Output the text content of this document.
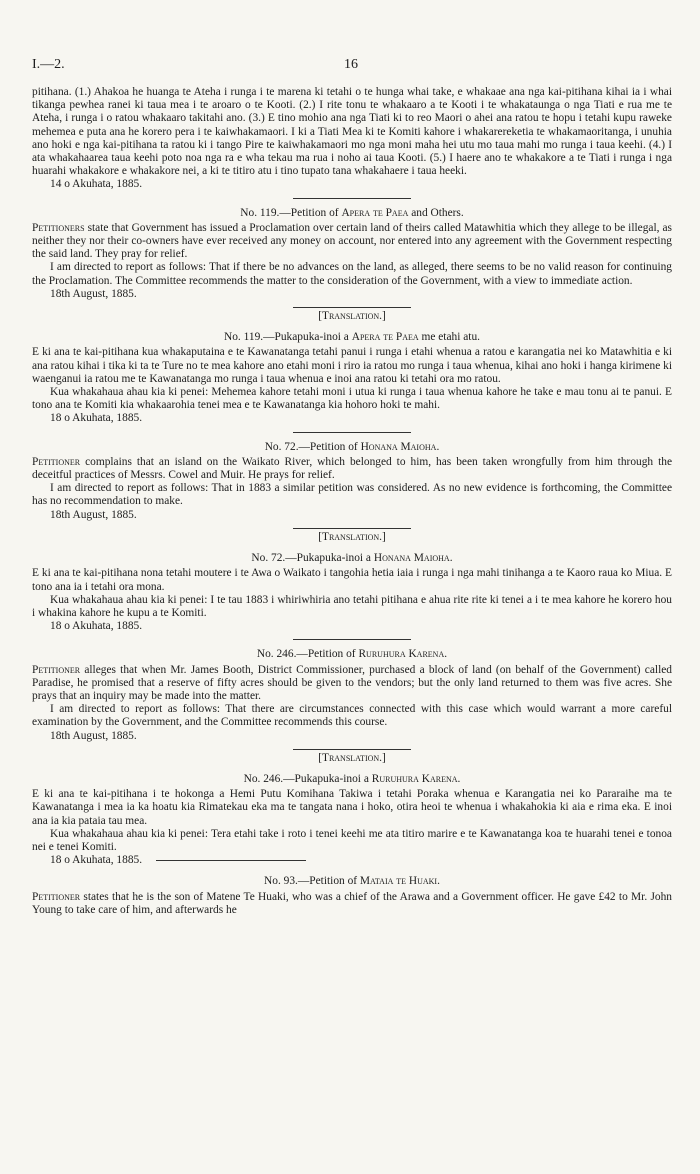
I.—2.	16

pitihana. (1.) Ahakoa he huanga te Ateha i runga i te marena ki tetahi o te hunga whai take, e whakaae ana nga kai-pitihana kihai ia i whai tikanga pewhea ranei ki taua mea i te aroaro o te Kooti. (2.) I rite tonu te whakaaro a te Kooti i te whakataunga o nga Tiati e rua me te Ateha, i runga i o ratou whakaaro takitahi ano. (3.) E tino mohio ana nga Tiati ki to reo Maori o ahei ana ratou te hopu i tetahi kupu raweke mehemea e puta ana he korero pera i te kaiwhakamaori. I ki a Tiati Mea ki te Komiti kahore i whakarereketia te whakamaoritanga, i unuhia ano hoki e nga kai-pitihana ta ratou ki i tango Pire te kaiwhakamaori mo nga moni maha hei utu mo taua mahi mo runga i taua keehi. (4.) I ata whakahaarea taua keehi poto noa nga ra e wha tekau ma rua i noho ai taua Kooti. (5.) I haere ano te whakakore a te Tiati i runga i nga huarahi whakakore e whakakore nei, a ki te titiro atu i tino tupato tana whakahaere i taua heeki.

14 o Akuhata, 1885.

No. 119.—Petition of Apera te Paea and Others.

Petitioners state that Government has issued a Proclamation over certain land of theirs called Matawhitia which they allege to be illegal, as neither they nor their co-owners have ever received any money on account, nor entered into any agreement with the Government respecting the said land. They pray for relief.

I am directed to report as follows: That if there be no advances on the land, as alleged, there seems to be no valid reason for continuing the Proclamation. The Committee recommends the matter to the consideration of the Government, with a view to immediate action.

18th August, 1885.

[Translation.]

No. 119.—Pukapuka-inoi a Apera te Paea me etahi atu.

E ki ana te kai-pitihana kua whakaputaina e te Kawanatanga tetahi panui i runga i etahi whenua a ratou e karangatia nei ko Matawhitia e ki ana ratou kihai i tika ki ta te Ture no te mea kahore ano etahi moni i riro ia ratou mo runga i taua whenua, kihai ano hoki i hanga kirimene ki waenganui ia ratou me te Kawanatanga mo runga i taua whenua e inoi ana ratou ki tetahi ora mo ratou.

Kua whakahaua ahau kia ki penei: Mehemea kahore tetahi moni i utua ki runga i taua whenua kahore he take e mau tonu ai te panui. E tono ana te Komiti kia whakaarohia tenei mea e te Kawanatanga kia hohoro hoki te mahi.

18 o Akuhata, 1885.

No. 72.—Petition of Honana Maioha.

Petitioner complains that an island on the Waikato River, which belonged to him, has been taken wrongfully from him through the deceitful practices of Messrs. Cowel and Muir. He prays for relief.

I am directed to report as follows: That in 1883 a similar petition was considered. As no new evidence is forthcoming, the Committee has no recommendation to make.

18th August, 1885.

[Translation.]

No. 72.—Pukapuka-inoi a Honana Maioha.

E ki ana te kai-pitihana nona tetahi moutere i te Awa o Waikato i tangohia hetia iaia i runga i nga mahi tinihanga a te Kaoro raua ko Miua. E tono ana ia i tetahi ora mona.

Kua whakahaua ahau kia ki penei: I te tau 1883 i whiriwhiria ano tetahi pitihana e ahua rite rite ki tenei a i te mea kahore he korero hou i whakina kahore he kupu a te Komiti.

18 o Akuhata, 1885.

No. 246.—Petition of Ruruhura Karena.

Petitioner alleges that when Mr. James Booth, District Commissioner, purchased a block of land (on behalf of the Government) called Paradise, he promised that a reserve of fifty acres should be given to the vendors; but the only land returned to them was five acres. She prays that an inquiry may be made into the matter.

I am directed to report as follows: That there are circumstances connected with this case which would warrant a more careful examination by the Government, and the Committee recommends this course.

18th August, 1885.

[Translation.]

No. 246.—Pukapuka-inoi a Ruruhura Karena.

E ki ana te kai-pitihana i te hokonga a Hemi Putu Komihana Takiwa i tetahi Poraka whenua e Karangatia nei ko Pararaihe ma te Kawanatanga i mea ia ka hoatu kia Rimatekau eka ma te tangata nana i hoko, otira heoi te whenua i whakahokia ki aia e rima eka. E inoi ana ia kia pataia tau mea.

Kua whakahaua ahau kia ki penei: Tera etahi take i roto i tenei keehi me ata titiro marire e te Kawanatanga koa te huarahi tenei e tonoa nei e tenei Komiti.

18 o Akuhata, 1885.

No. 93.—Petition of Mataia te Huaki.

Petitioner states that he is the son of Matene Te Huaki, who was a chief of the Arawa and a Government officer. He gave £42 to Mr. John Young to take care of him, and afterwards he
